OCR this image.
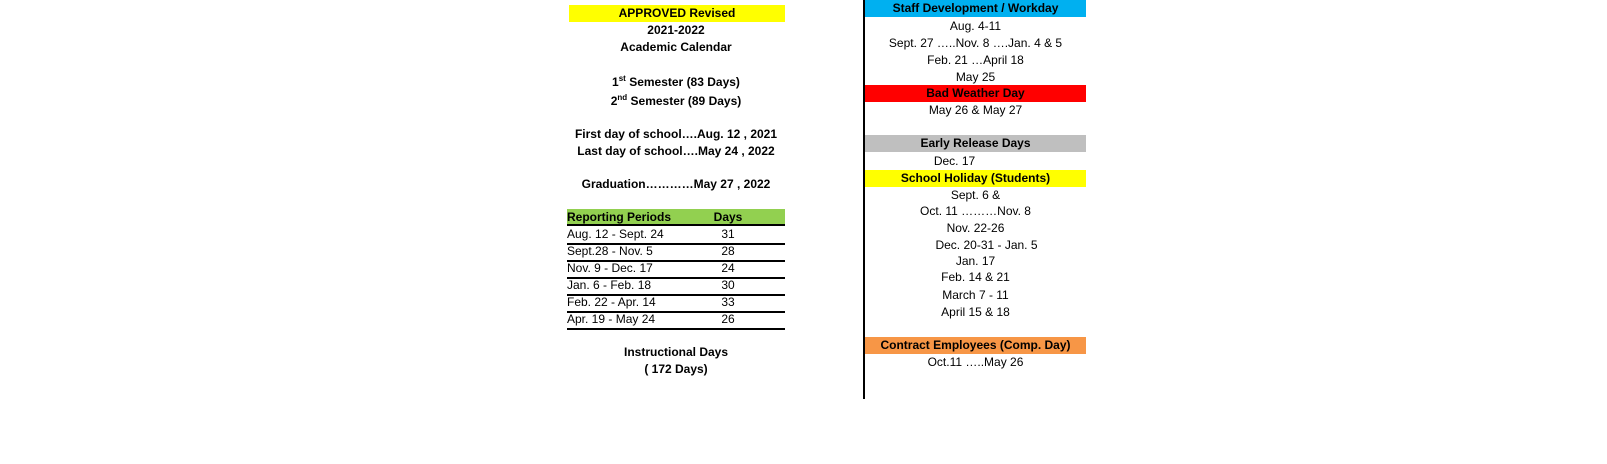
APPROVED Revised
2021-2022
Academic Calendar
1st Semester (83 Days)
2nd Semester (89 Days)
First day of school….Aug. 12 , 2021
Last day of school….May 24 , 2022
Graduation…………May 27 , 2022
Reporting Periods	Days
Aug. 12 - Sept. 24	31
Sept.28 - Nov. 5	28
Nov. 9 - Dec. 17	24
Jan. 6 - Feb. 18	30
Feb. 22 - Apr. 14	33
Apr. 19 - May 24	26
Instructional Days
( 172 Days)
Staff Development / Workday
Aug. 4-11
Sept. 27 …..Nov. 8 ….Jan. 4 & 5
Feb. 21 …April 18
May 25
Bad Weather Day
May 26 & May 27
Early Release Days
Dec. 17
School Holiday (Students)
Sept. 6 &
Oct. 11 ………Nov. 8
Nov. 22-26
Dec. 20-31 - Jan. 5
Jan. 17
Feb. 14 & 21
March 7 - 11
April 15 & 18
Contract Employees (Comp. Day)
Oct.11 …..May 26
